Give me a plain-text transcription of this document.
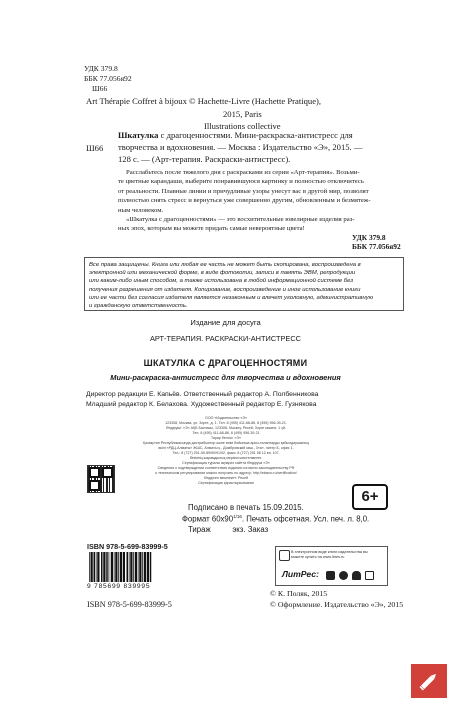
УДК 379.8
ББК 77.056я92
Ш66
Art Thérapie Coffret à bijoux © Hachette-Livre (Hachette Pratique),
2015, Paris
Illustrations collective
Ш66
Шкатулка с драгоценностями. Мини-раскраска-антистресс для
творчества и вдохновения. — Москва : Издательство «Э», 2015. —
128 с. — (Арт-терапия. Раскраски-антистресс).
Расслабьтесь после тяжелого дня с раскрасками из серии «Арт-терапия». Возьми-
те цветные карандаши, выберите понравившуюся картинку и полностью отключитесь
от реальности. Плавные линии и причудливые узоры унесут вас в другой мир, позволят
полностью снять стресс и вернуться уже совершенно другим, обновленным и безмятеж-
ным человеком.
«Шкатулка с драгоценностями» — это восхитительные ювелирные изделия раз-
ных эпох, которым вы можете придать самые невероятные цвета!
УДК 379.8
ББК 77.056я92
Все права защищены. Книга или любая ее часть не может быть скопирована, воспроизведена в
электронной или механической форме, в виде фотокопии, записи в память ЭВМ, репродукции
или каким-либо иным способом, а также использована в любой информационной системе без
получения разрешения от издателя. Копирование, воспроизведение и иное использование книги
или ее части без согласия издателя является незаконным и влечет уголовную, административную
и гражданскую ответственность.
Издание для досуга
АРТ-ТЕРАПИЯ. РАСКРАСКИ-АНТИСТРЕСС
ШКАТУЛКА С ДРАГОЦЕННОСТЯМИ
Мини-раскраска-антистресс для творчества и вдохновения
Директор редакции Е. Капьёв. Ответственный редактор А. Полбенникова
Младший редактор К. Белахова. Художественный редактор Е. Гузнякова
ООО «Издательство «Э»
123308, Москва, ул. Зорге, д. 1. Тел. 8 (495) 411-68-86, 8 (495) 956-39-21.
Өндіруші: «Э» АҚБ Баспасы, 123308, Мәскеу, Ресей, Зорге көшесі, 1 үй.
Тел. 8 (495) 411-68-86, 8 (495) 956-39-21
Тауар белгісі: «Э»
Қазақстан Республикасында дистрибьютор және өнім бойынша арыз-талаптарды қабылдаушының
өкілі «РДЦ-Алматы» ЖШС, Алматы қ., Домбровский көш., 3«а», литер Б, офис 1.
Тел.: 8 (727) 251-59-89/90/91/92, факс: 8 (727) 251 58 12 вн. 107.
Өнімнің жарамдылық мерзімі шектелмеген.
Сертификация туралы ақпарат сайтта Өндіруші «Э»
Сведения о подтверждении соответствия издания согласно законодательству РФ
о техническом регулировании можно получить по адресу: http://eksmo.ru/certification/
Өндірген мемлекет: Ресей
Сертификация қарастырылмаған
Подписано в печать 15.09.2015.
Формат $60x90^{1/16}$. Печать офсетная. Усл. печ. л. 8,0.
Тираж          экз. Заказ
6+
ISBN 978-5-699-83999-5
9 785699 839995
ISBN 978-5-699-83999-5
В электронном виде книги издательства вы
можете купить на www.litres.ru
ЛитРес:
© К. Поляк, 2015
© Оформление. Издательство «Э», 2015
